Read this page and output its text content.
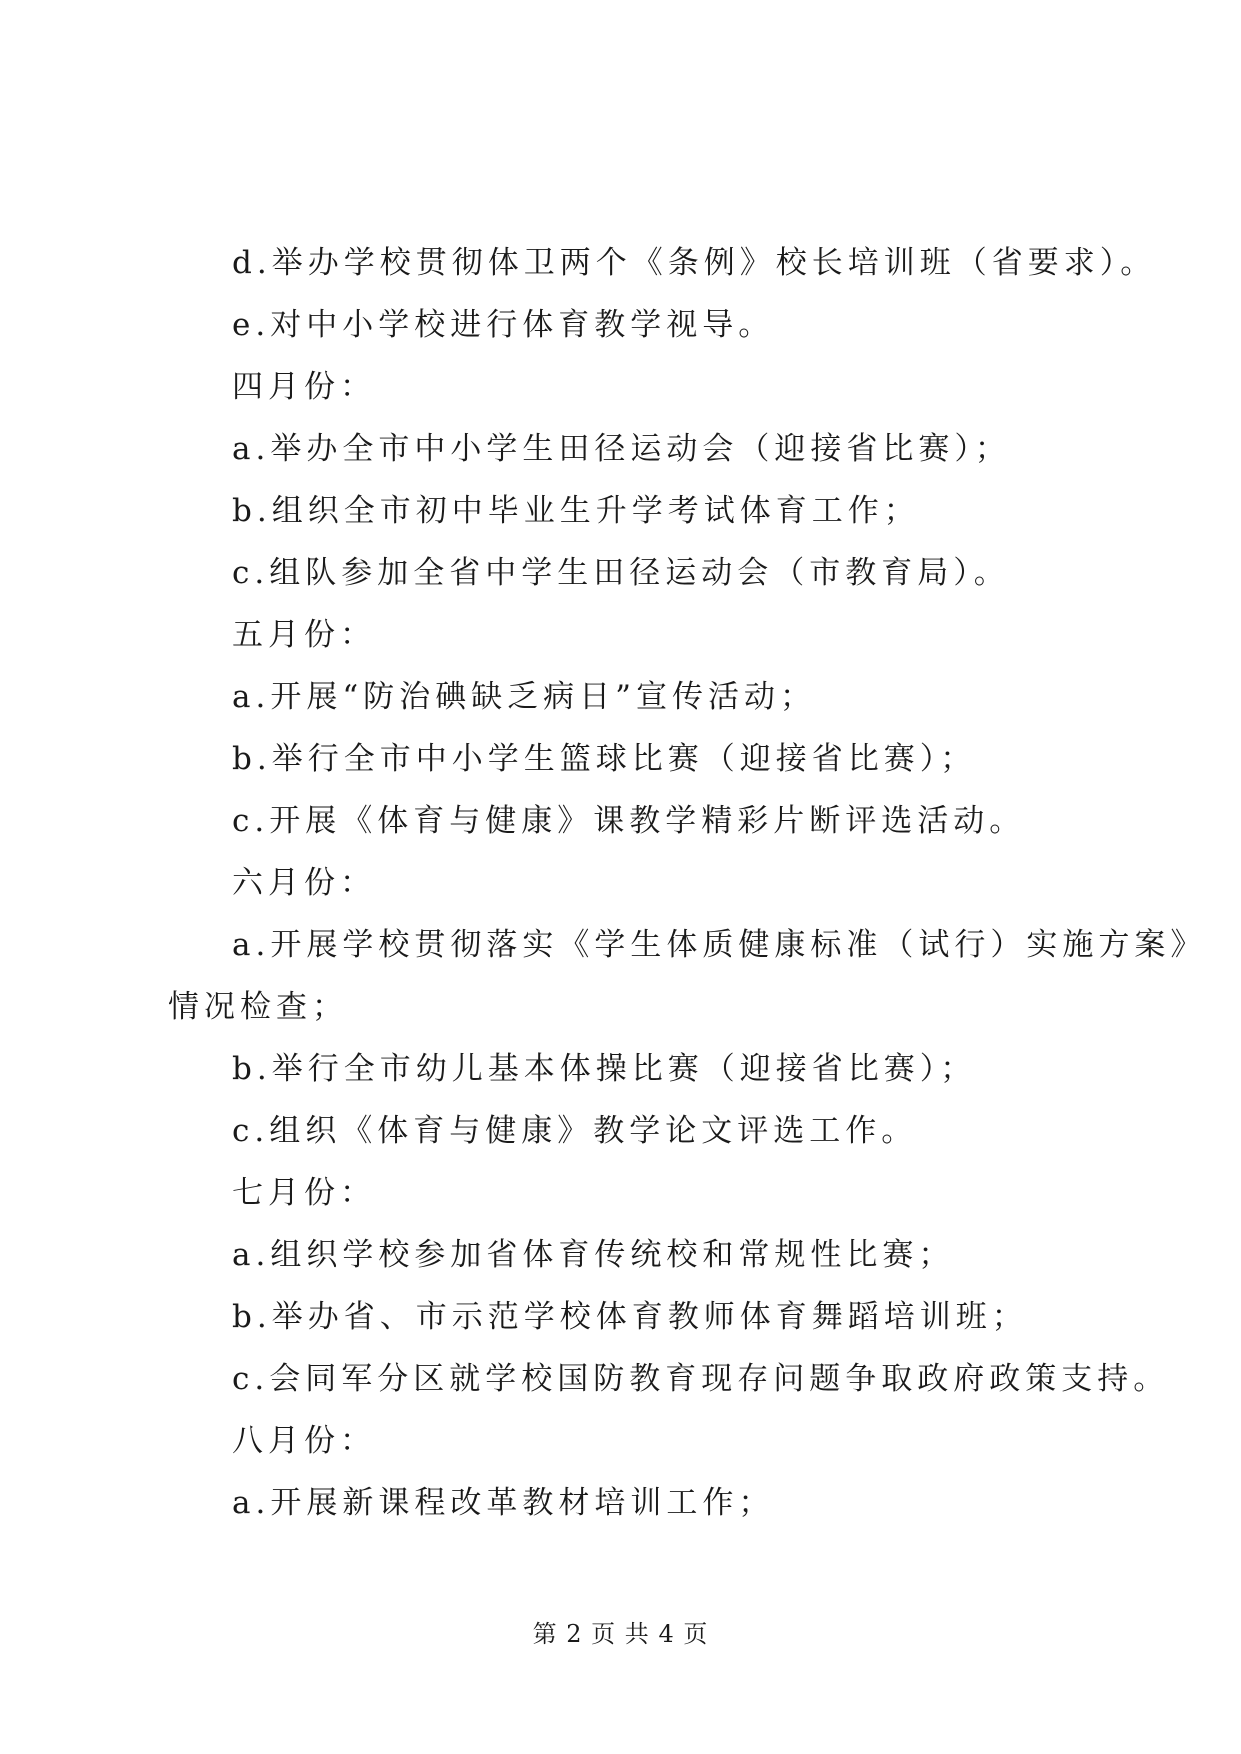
d.举办学校贯彻体卫两个《条例》校长培训班（省要求）。
e.对中小学校进行体育教学视导。
四月份：
a.举办全市中小学生田径运动会（迎接省比赛）；
b.组织全市初中毕业生升学考试体育工作；
c.组队参加全省中学生田径运动会（市教育局）。
五月份：
a.开展“防治碘缺乏病日”宣传活动；
b.举行全市中小学生篮球比赛（迎接省比赛）；
c.开展《体育与健康》课教学精彩片断评选活动。
六月份：
a.开展学校贯彻落实《学生体质健康标准（试行）实施方案》
情况检查；
b.举行全市幼儿基本体操比赛（迎接省比赛）；
c.组织《体育与健康》教学论文评选工作。
七月份：
a.组织学校参加省体育传统校和常规性比赛；
b.举办省、市示范学校体育教师体育舞蹈培训班；
c.会同军分区就学校国防教育现存问题争取政府政策支持。
八月份：
a.开展新课程改革教材培训工作；
第 2 页 共 4 页
